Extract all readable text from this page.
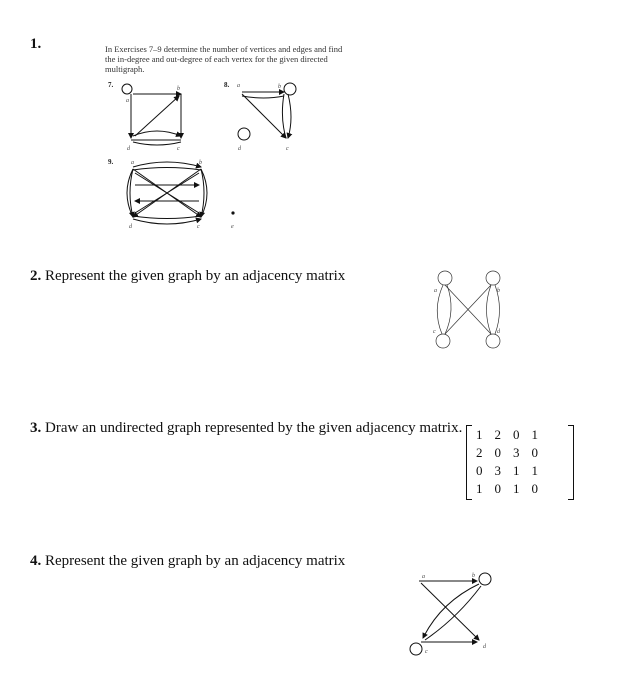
1.	In Exercises 7–9 determine the number of vertices and edges and find the in-degree and out-degree of each vertex for the given directed multigraph.
7.
a
b
d	c
8. a	b
d	c
9.	a	b
d	c	e
2. Represent the given graph by an adjacency matrix
a	b
c	d
3. Draw an undirected graph represented by the given adjacency matrix. 1	2	0	1
2	0	3	0
0	3	1	1
1	0	1	0
4. Represent the given graph by an adjacency matrix
a	b
c
d
